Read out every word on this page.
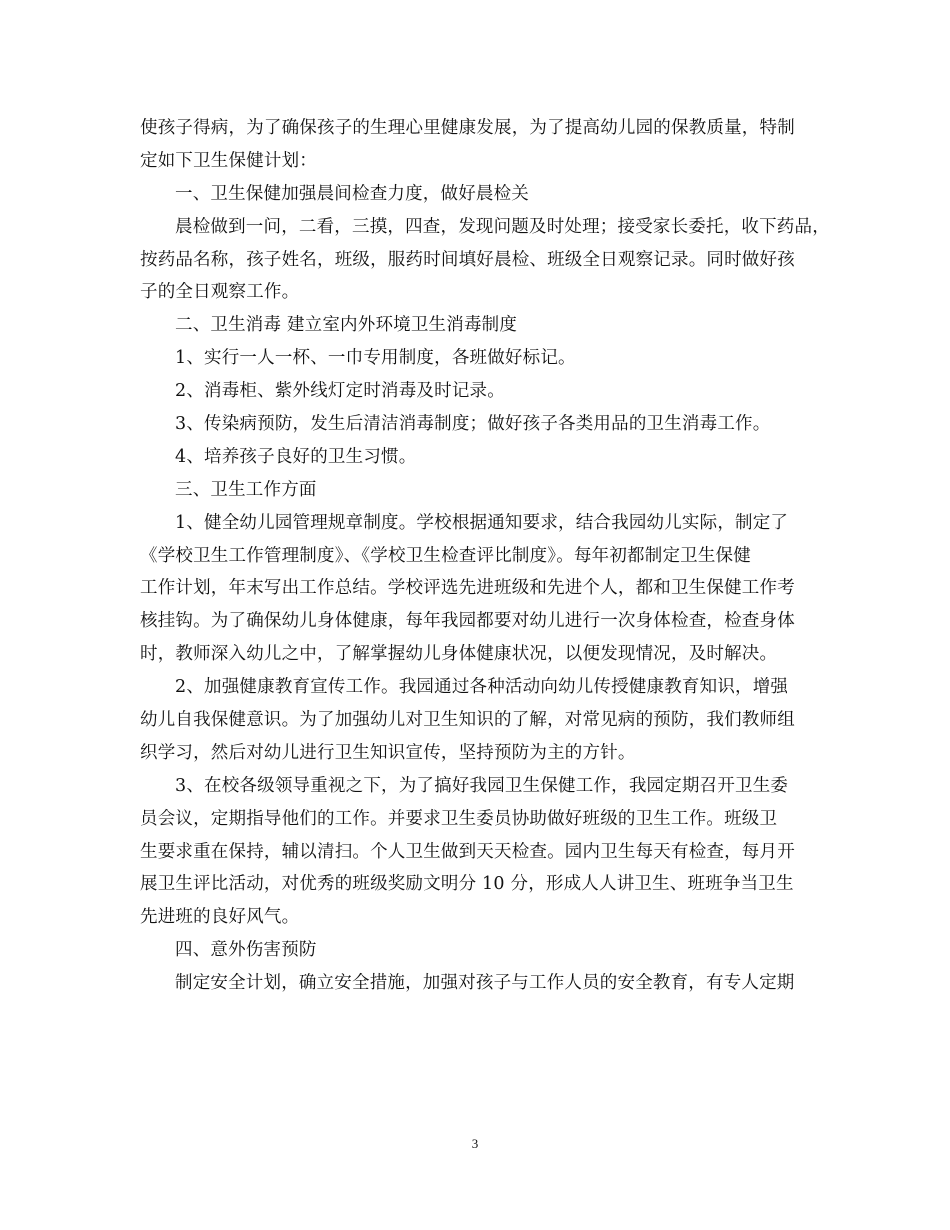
使孩子得病，为了确保孩子的生理心里健康发展，为了提高幼儿园的保教质量，特制
定如下卫生保健计划：
一、卫生保健加强晨间检查力度，做好晨检关
晨检做到一问，二看，三摸，四查，发现问题及时处理；接受家长委托，收下药品，
按药品名称，孩子姓名，班级，服药时间填好晨检、班级全日观察记录。同时做好孩
子的全日观察工作。
二、卫生消毒 建立室内外环境卫生消毒制度
1、实行一人一杯、一巾专用制度，各班做好标记。
2、消毒柜、紫外线灯定时消毒及时记录。
3、传染病预防，发生后清洁消毒制度；做好孩子各类用品的卫生消毒工作。
4、培养孩子良好的卫生习惯。
三、卫生工作方面
1、健全幼儿园管理规章制度。学校根据通知要求，结合我园幼儿实际，制定了
《学校卫生工作管理制度》、《学校卫生检查评比制度》。每年初都制定卫生保健
工作计划，年末写出工作总结。学校评选先进班级和先进个人，都和卫生保健工作考
核挂钩。为了确保幼儿身体健康，每年我园都要对幼儿进行一次身体检查，检查身体
时，教师深入幼儿之中，了解掌握幼儿身体健康状况，以便发现情况，及时解决。
2、加强健康教育宣传工作。我园通过各种活动向幼儿传授健康教育知识，增强
幼儿自我保健意识。为了加强幼儿对卫生知识的了解，对常见病的预防，我们教师组
织学习，然后对幼儿进行卫生知识宣传，坚持预防为主的方针。
3、在校各级领导重视之下，为了搞好我园卫生保健工作，我园定期召开卫生委
员会议，定期指导他们的工作。并要求卫生委员协助做好班级的卫生工作。班级卫
生要求重在保持，辅以清扫。个人卫生做到天天检查。园内卫生每天有检查，每月开
展卫生评比活动，对优秀的班级奖励文明分 10 分，形成人人讲卫生、班班争当卫生
先进班的良好风气。
四、意外伤害预防
制定安全计划，确立安全措施，加强对孩子与工作人员的安全教育，有专人定期
3
